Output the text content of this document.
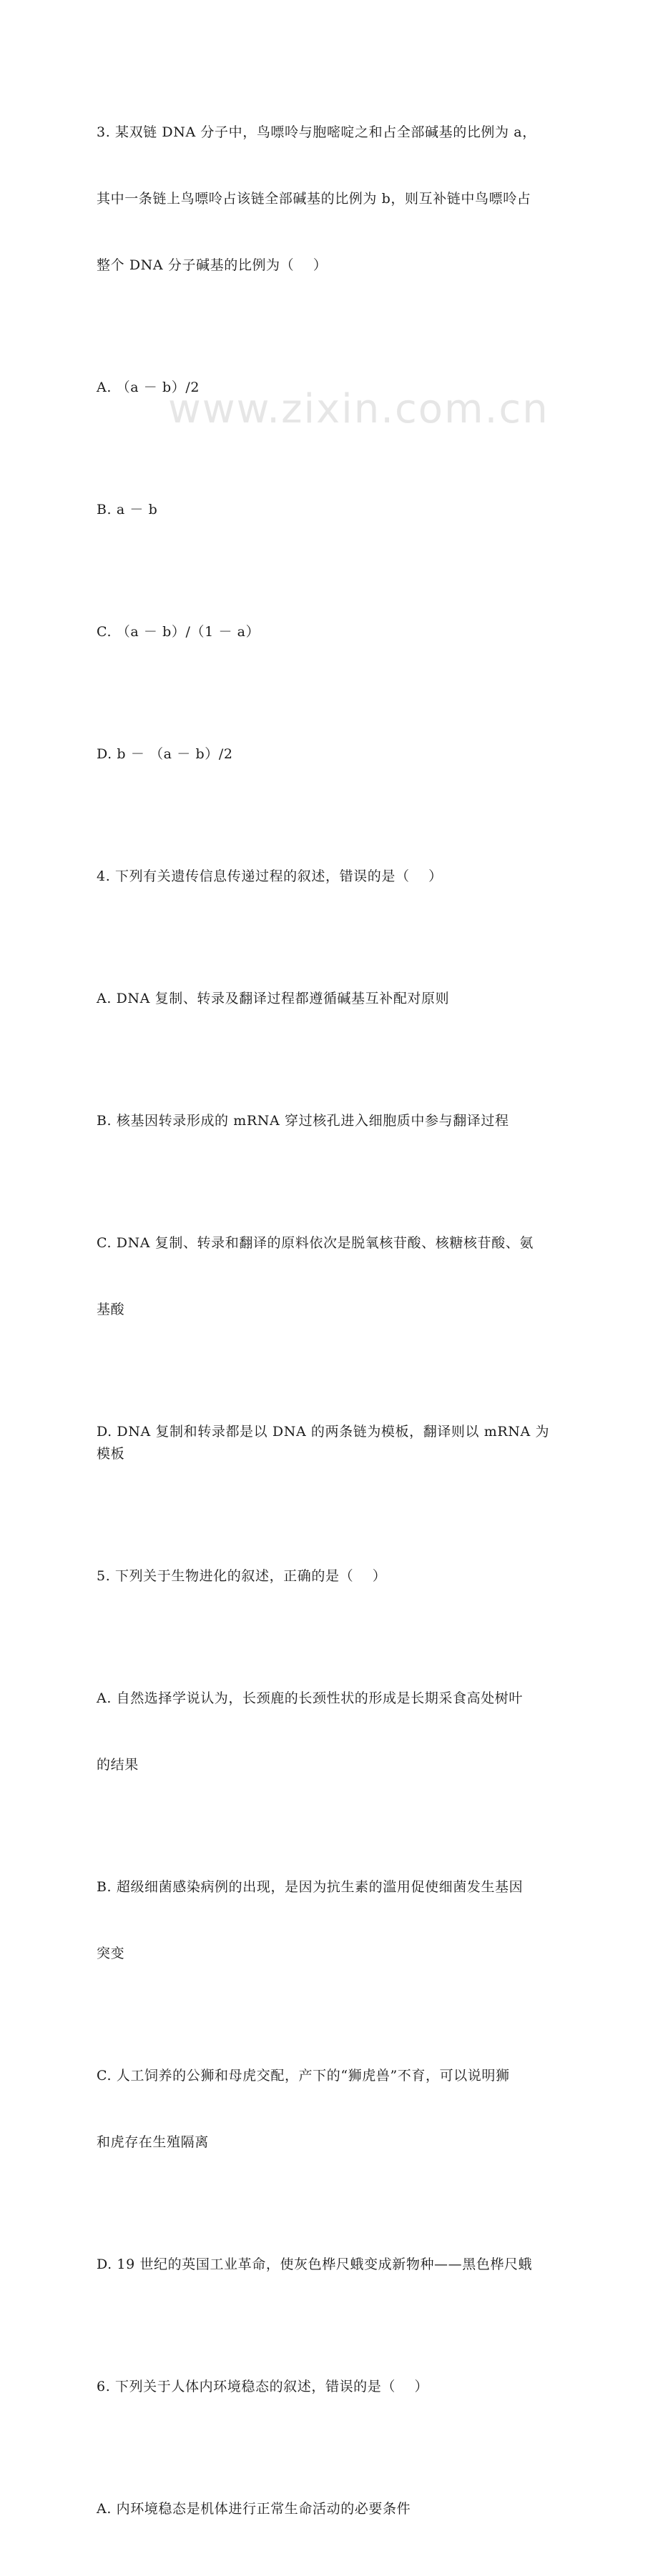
www.zixin.com.cn

3. 某双链 DNA 分子中，鸟嘌呤与胞嘧啶之和占全部碱基的比例为 a，

其中一条链上鸟嘌呤占该链全部碱基的比例为 b，则互补链中鸟嘌呤占

整个 DNA 分子碱基的比例为（    ）

A. （a － b）/2

B. a － b

C. （a － b）/（1 － a）

D. b － （a － b）/2

4. 下列有关遗传信息传递过程的叙述，错误的是（    ）

A. DNA 复制、转录及翻译过程都遵循碱基互补配对原则

B. 核基因转录形成的 mRNA 穿过核孔进入细胞质中参与翻译过程

C. DNA 复制、转录和翻译的原料依次是脱氧核苷酸、核糖核苷酸、氨

基酸

D. DNA 复制和转录都是以 DNA 的两条链为模板，翻译则以 mRNA 为模板

5. 下列关于生物进化的叙述，正确的是（    ）

A. 自然选择学说认为，长颈鹿的长颈性状的形成是长期采食高处树叶

的结果

B. 超级细菌感染病例的出现，是因为抗生素的滥用促使细菌发生基因

突变

C. 人工饲养的公狮和母虎交配，产下的“狮虎兽”不育，可以说明狮

和虎存在生殖隔离

D. 19 世纪的英国工业革命，使灰色桦尺蛾变成新物种——黑色桦尺蛾

6. 下列关于人体内环境稳态的叙述，错误的是（    ）

A. 内环境稳态是机体进行正常生命活动的必要条件
